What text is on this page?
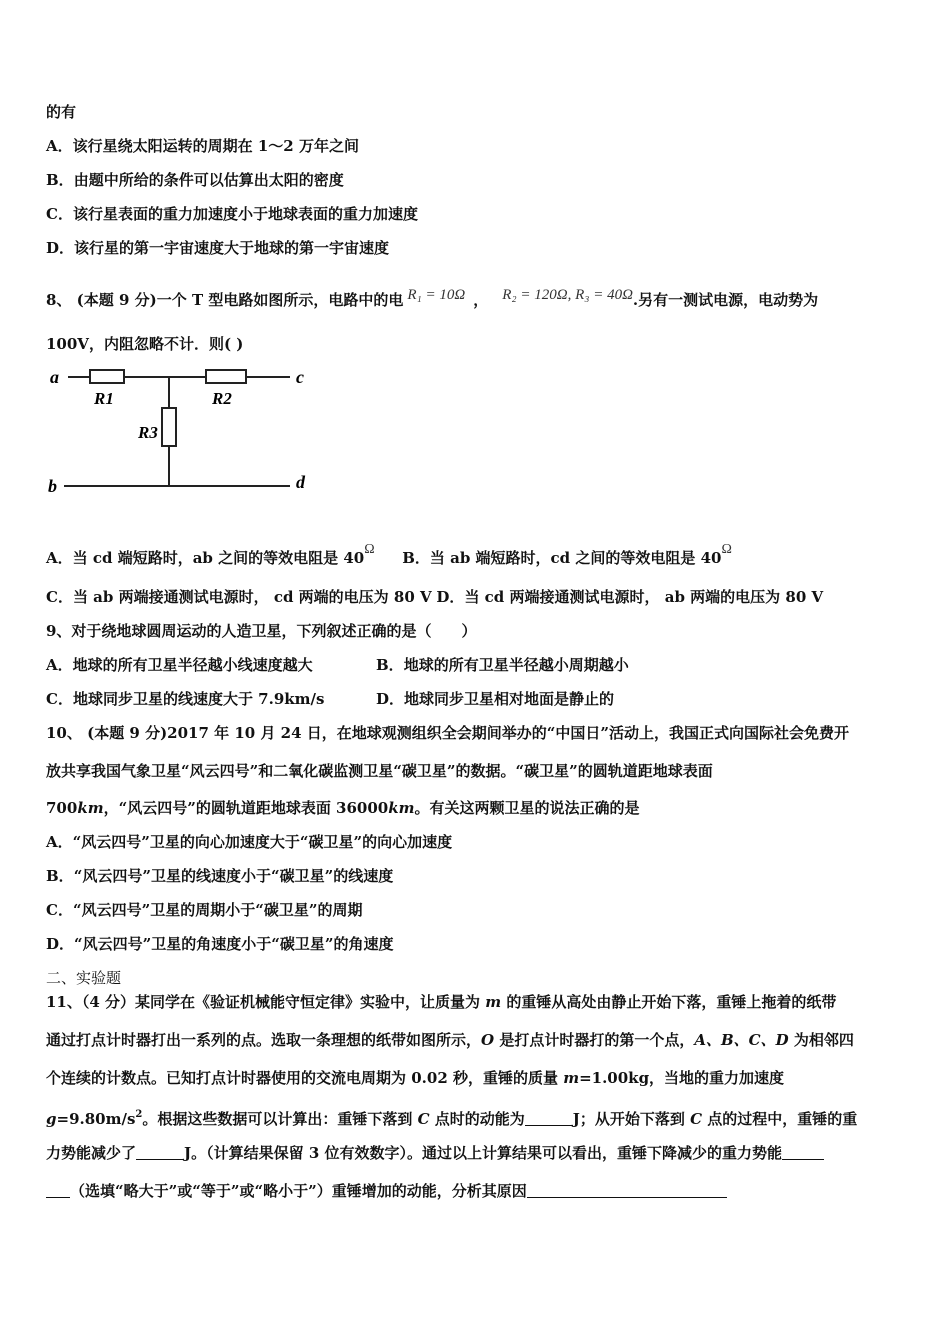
的有
A．该行星绕太阳运转的周期在 1～2 万年之间
B．由题中所给的条件可以估算出太阳的密度
C．该行星表面的重力加速度小于地球表面的重力加速度
D．该行星的第一宇宙速度大于地球的第一宇宙速度
8、 (本题 9 分)一个 T 型电路如图所示，电路中的电 R₁ = 10Ω ， R₂ = 120Ω, R₃ = 40Ω.另有一测试电源，电动势为
100V，内阻忽略不计．则( )
a	c
b	d
R1	R2
R3
A．当 cd 端短路时，ab 之间的等效电阻是 40Ω B．当 ab 端短路时，cd 之间的等效电阻是 40Ω
C．当 ab 两端接通测试电源时， cd 两端的电压为 80 V D．当 cd 两端接通测试电源时， ab 两端的电压为 80 V
9、对于绕地球圆周运动的人造卫星，下列叙述正确的是（　　）
A．地球的所有卫星半径越小线速度越大	B．地球的所有卫星半径越小周期越小
C．地球同步卫星的线速度大于 7.9km/s	D．地球同步卫星相对地面是静止的
10、 (本题 9 分)2017 年 10 月 24 日，在地球观测组织全会期间举办的“中国日”活动上，我国正式向国际社会免费开
放共享我国气象卫星“风云四号”和二氧化碳监测卫星“碳卫星”的数据。“碳卫星”的圆轨道距地球表面
700km，“风云四号”的圆轨道距地球表面 36000km。有关这两颗卫星的说法正确的是
A．“风云四号”卫星的向心加速度大于“碳卫星”的向心加速度
B．“风云四号”卫星的线速度小于“碳卫星”的线速度
C．“风云四号”卫星的周期小于“碳卫星”的周期
D．“风云四号”卫星的角速度小于“碳卫星”的角速度
二、实验题
11、（4 分）某同学在《验证机械能守恒定律》实验中，让质量为 m 的重锤从高处由静止开始下落，重锤上拖着的纸带
通过打点计时器打出一系列的点。选取一条理想的纸带如图所示，O 是打点计时器打的第一个点，A、B、C、D 为相邻四
个连续的计数点。已知打点计时器使用的交流电周期为 0.02 秒，重锤的质量 m=1.00kg，当地的重力加速度
$g=9.80m/s^2$。根据这些数据可以计算出：重锤下落到 C 点时的动能为	J；从开始下落到 C 点的过程中，重锤的重
力势能减少了	J。（计算结果保留 3 位有效数字）。通过以上计算结果可以看出，重锤下降减少的重力势能
（选填“略大于”或“等于”或“略小于”）重锤增加的动能，分析其原因
